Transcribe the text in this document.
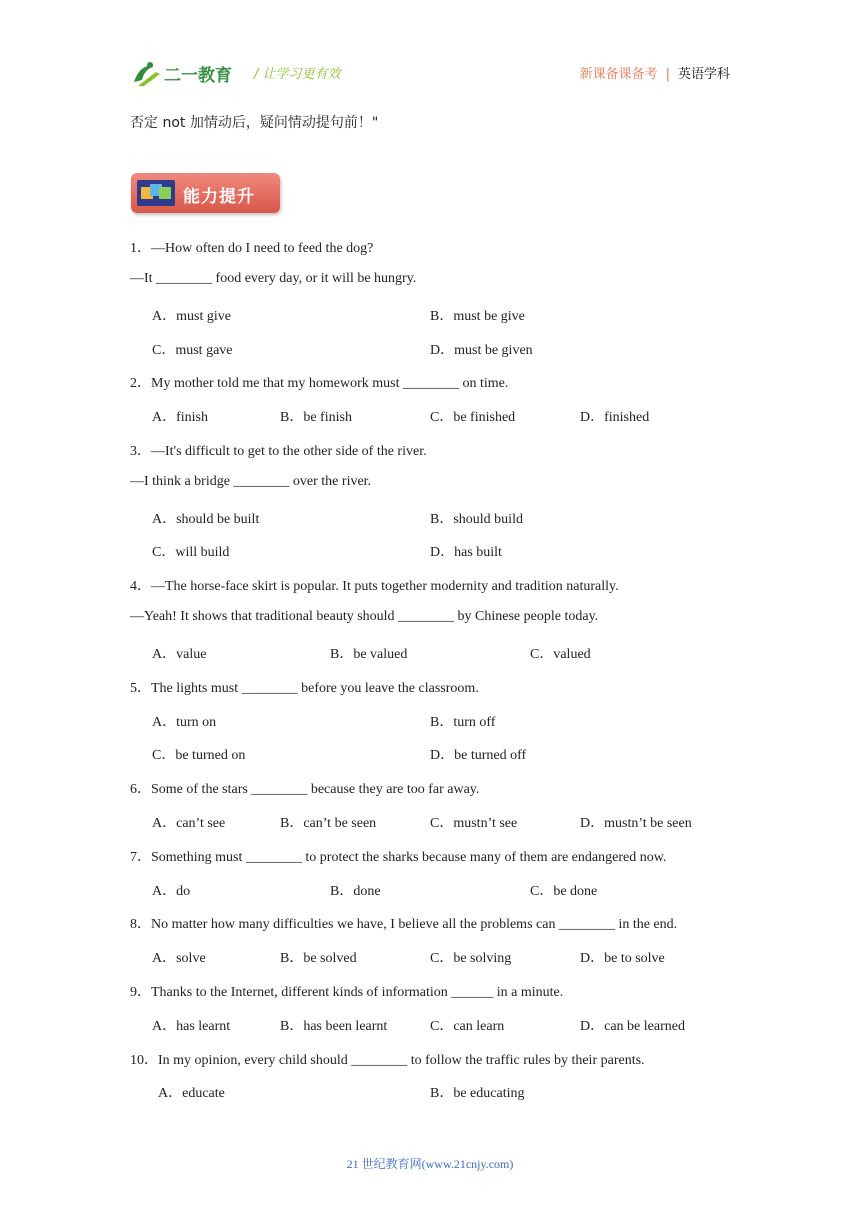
二一教育 / 让学习更有效	新课备课备考 | 英语学科
否定 not 加情动后，疑问情动提句前！"
能力提升
1．—How often do I need to feed the dog?
—It ________ food every day, or it will be hungry.
A．must give	B．must be give
C．must gave	D．must be given
2．My mother told me that my homework must ________ on time.
A．finish	B．be finish	C．be finished	D．finished
3．—It's difficult to get to the other side of the river.
—I think a bridge ________ over the river.
A．should be built	B．should build
C．will build	D．has built
4．—The horse-face skirt is popular. It puts together modernity and tradition naturally.
—Yeah! It shows that traditional beauty should ________ by Chinese people today.
A．value	B．be valued	C．valued
5．The lights must ________ before you leave the classroom.
A．turn on	B．turn off
C．be turned on	D．be turned off
6．Some of the stars ________ because they are too far away.
A．can’t see	B．can’t be seen	C．mustn’t see	D．mustn’t be seen
7．Something must ________ to protect the sharks because many of them are endangered now.
A．do	B．done	C．be done
8．No matter how many difficulties we have, I believe all the problems can ________ in the end.
A．solve	B．be solved	C．be solving	D．be to solve
9．Thanks to the Internet, different kinds of information ______ in a minute.
A．has learnt	B．has been learnt	C．can learn	D．can be learned
10．In my opinion, every child should ________ to follow the traffic rules by their parents.
A．educate	B．be educating
21 世纪教育网(www.21cnjy.com)
